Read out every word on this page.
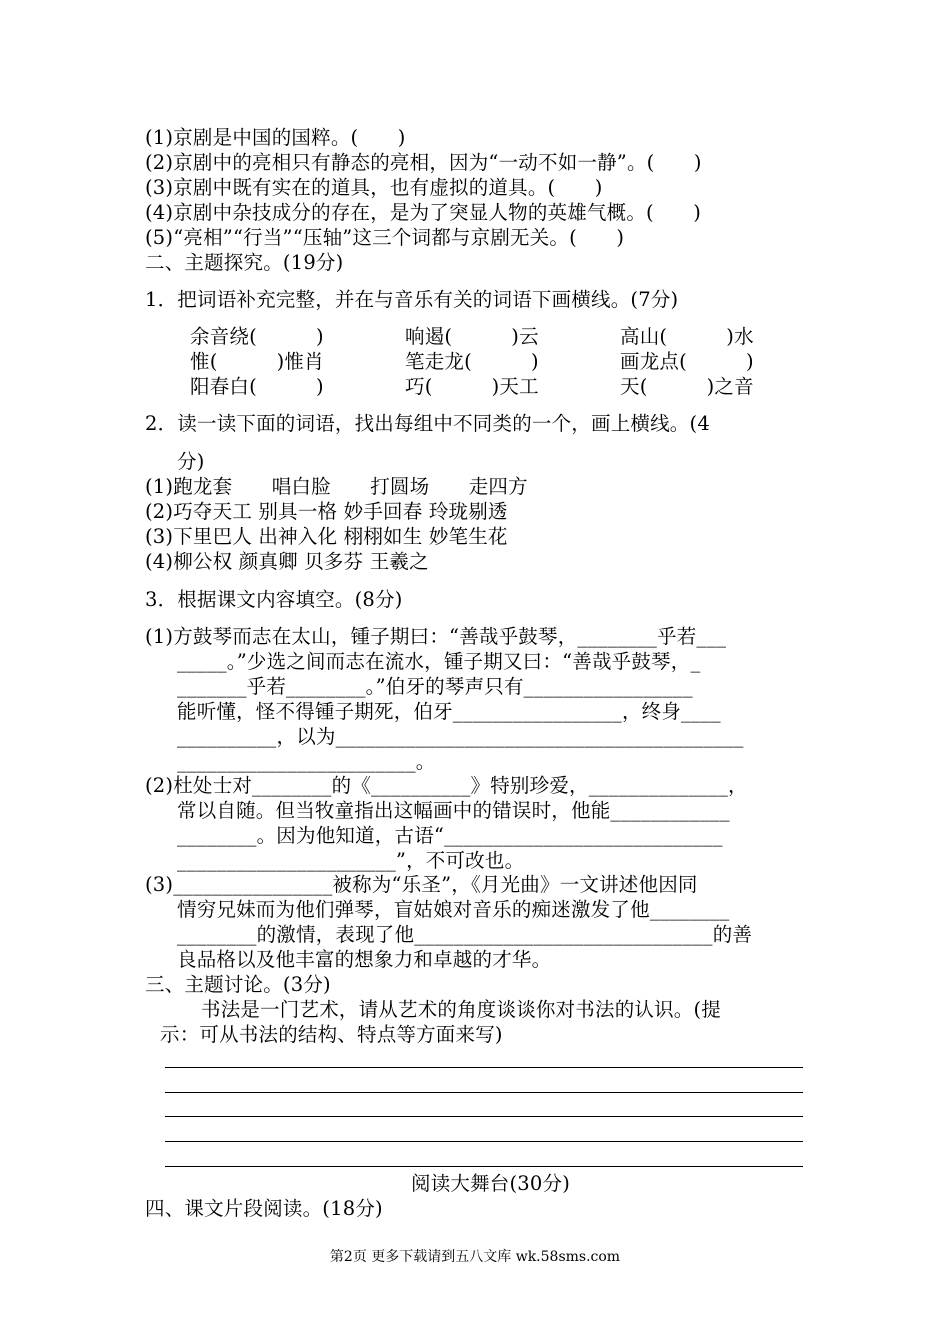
(1)京剧是中国的国粹。(　　)
(2)京剧中的亮相只有静态的亮相，因为“一动不如一静”。(　　)
(3)京剧中既有实在的道具，也有虚拟的道具。(　　)
(4)京剧中杂技成分的存在，是为了突显人物的英雄气概。(　　)
(5)“亮相”“行当”“压轴”这三个词都与京剧无关。(　　)
二、主题探究。(19分)
1．把词语补充完整，并在与音乐有关的词语下画横线。(7分)
余音绕(　　　)	响遏(　　　)云	高山(　　　)水
惟(　　　)惟肖	笔走龙(　　　)	画龙点(　　　)
阳春白(　　　)	巧(　　　)天工	天(　　　)之音
2．读一读下面的词语，找出每组中不同类的一个，画上横线。(4
分)
(1)跑龙套　　唱白脸　　打圆场　　走四方
(2)巧夺天工 别具一格 妙手回春 玲珑剔透
(3)下里巴人 出神入化 栩栩如生 妙笔生花
(4)柳公权 颜真卿 贝多芬 王羲之
3．根据课文内容填空。(8分)
(1)方鼓琴而志在太山，锺子期曰：“善哉乎鼓琴，________乎若___
_____。”少选之间而志在流水，锺子期又曰：“善哉乎鼓琴，_
_______乎若________。”伯牙的琴声只有_________________
能听懂，怪不得锺子期死，伯牙_________________，终身____
__________，以为_________________________________________
________________________。
(2)杜处士对________的《__________》特别珍爱，______________，
常以自随。但当牧童指出这幅画中的错误时，他能____________
________。因为他知道，古语“____________________________
______________________”，不可改也。
(3)________________被称为“乐圣”，《月光曲》一文讲述他因同
情穷兄妹而为他们弹琴，盲姑娘对音乐的痴迷激发了他________
________的激情，表现了他______________________________的善
良品格以及他丰富的想象力和卓越的才华。
三、主题讨论。(3分)
书法是一门艺术，请从艺术的角度谈谈你对书法的认识。(提
示：可从书法的结构、特点等方面来写)
阅读大舞台(30分)
四、课文片段阅读。(18分)
第2页 更多下载请到五八文库 wk.58sms.com
